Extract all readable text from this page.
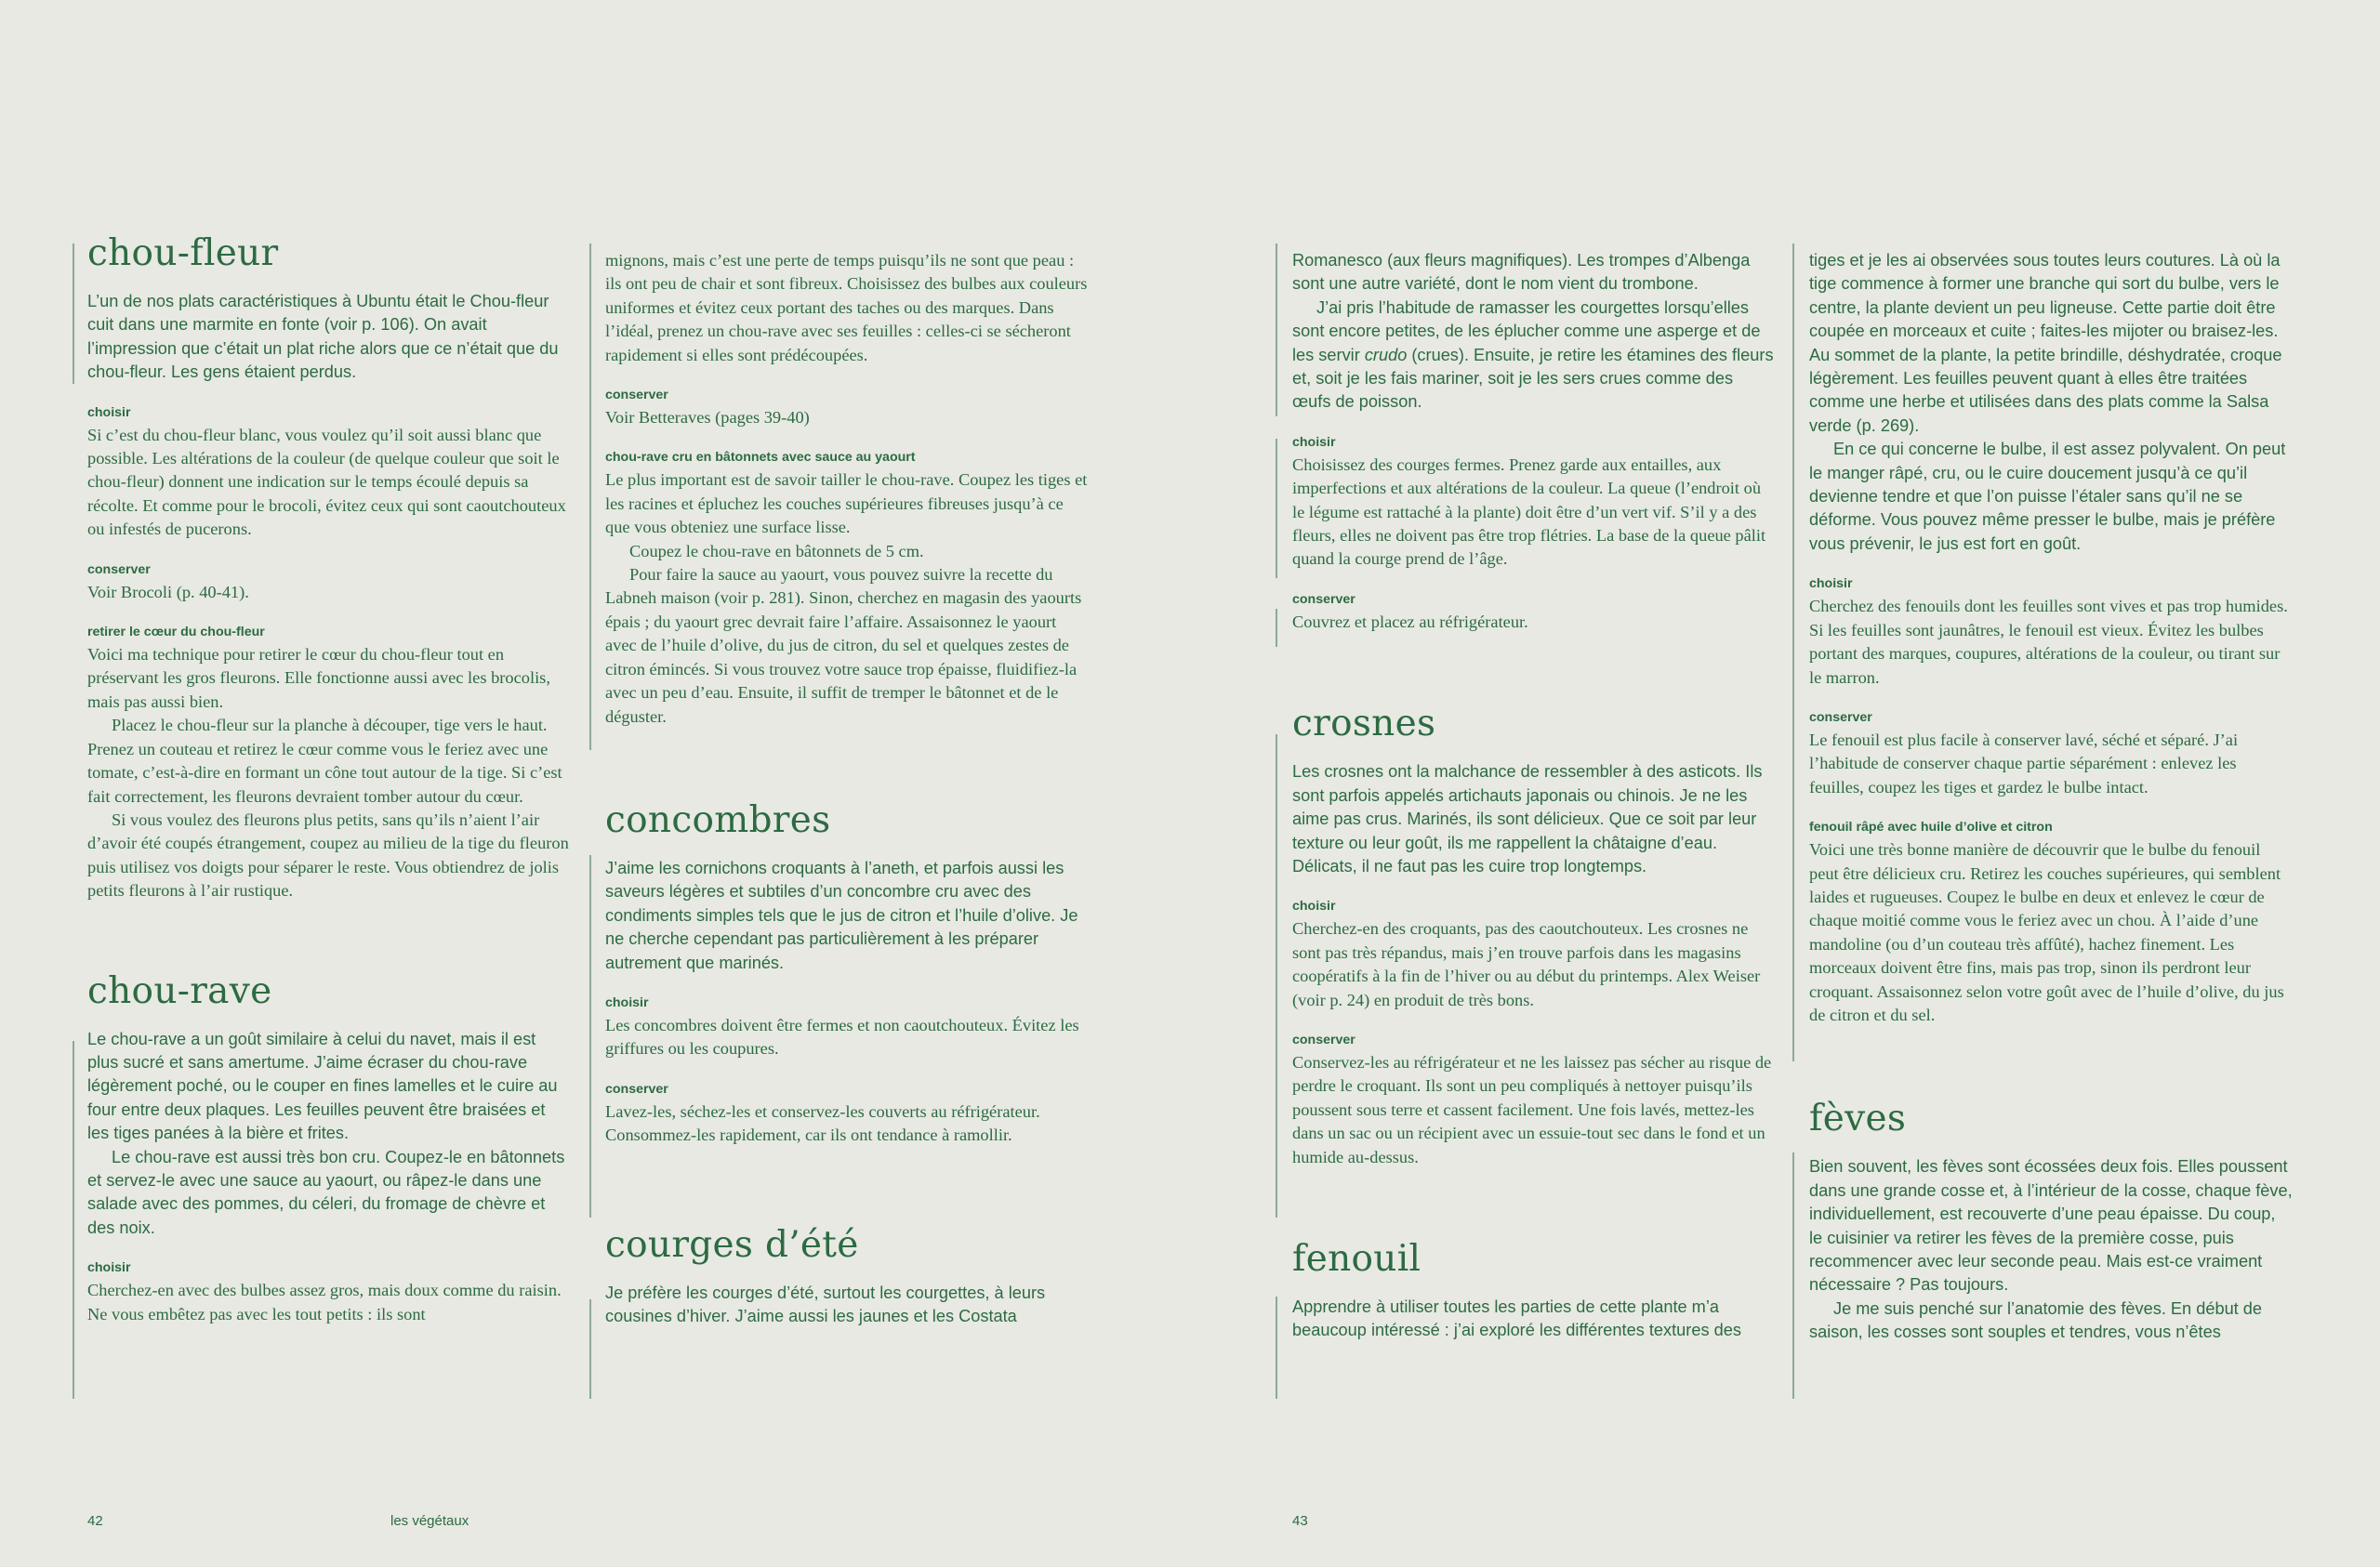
chou-fleur

L’un de nos plats caractéristiques à Ubuntu était le Chou-fleur cuit dans une marmite en fonte (voir p. 106). On avait l’impression que c’était un plat riche alors que ce n’était que du chou-fleur. Les gens étaient perdus.

choisir

Si c’est du chou-fleur blanc, vous voulez qu’il soit aussi blanc que possible. Les altérations de la couleur (de quelque couleur que soit le chou-fleur) donnent une indication sur le temps écoulé depuis sa récolte. Et comme pour le brocoli, évitez ceux qui sont caoutchouteux ou infestés de pucerons.

conserver

Voir Brocoli (p. 40-41).

retirer le cœur du chou-fleur

Voici ma technique pour retirer le cœur du chou-fleur tout en préservant les gros fleurons. Elle fonctionne aussi avec les brocolis, mais pas aussi bien.

Placez le chou-fleur sur la planche à découper, tige vers le haut. Prenez un couteau et retirez le cœur comme vous le feriez avec une tomate, c’est-à-dire en formant un cône tout autour de la tige. Si c’est fait correctement, les fleurons devraient tomber autour du cœur.

Si vous voulez des fleurons plus petits, sans qu’ils n’aient l’air d’avoir été coupés étrangement, coupez au milieu de la tige du fleuron puis utilisez vos doigts pour séparer le reste. Vous obtiendrez de jolis petits fleurons à l’air rustique.

chou-rave

Le chou-rave a un goût similaire à celui du navet, mais il est plus sucré et sans amertume. J’aime écraser du chou-rave légèrement poché, ou le couper en fines lamelles et le cuire au four entre deux plaques. Les feuilles peuvent être braisées et les tiges panées à la bière et frites.

Le chou-rave est aussi très bon cru. Coupez-le en bâtonnets et servez-le avec une sauce au yaourt, ou râpez-le dans une salade avec des pommes, du céleri, du fromage de chèvre et des noix.

choisir

Cherchez-en avec des bulbes assez gros, mais doux comme du raisin. Ne vous embêtez pas avec les tout petits : ils sont

mignons, mais c’est une perte de temps puisqu’ils ne sont que peau : ils ont peu de chair et sont fibreux. Choisissez des bulbes aux couleurs uniformes et évitez ceux portant des taches ou des marques. Dans l’idéal, prenez un chou-rave avec ses feuilles : celles-ci se sécheront rapidement si elles sont prédécoupées.

conserver

Voir Betteraves (pages 39-40)

chou-rave cru en bâtonnets avec sauce au yaourt

Le plus important est de savoir tailler le chou-rave. Coupez les tiges et les racines et épluchez les couches supérieures fibreuses jusqu’à ce que vous obteniez une surface lisse.

Coupez le chou-rave en bâtonnets de 5 cm.

Pour faire la sauce au yaourt, vous pouvez suivre la recette du Labneh maison (voir p. 281). Sinon, cherchez en magasin des yaourts épais ; du yaourt grec devrait faire l’affaire. Assaisonnez le yaourt avec de l’huile d’olive, du jus de citron, du sel et quelques zestes de citron émincés. Si vous trouvez votre sauce trop épaisse, fluidifiez-la avec un peu d’eau. Ensuite, il suffit de tremper le bâtonnet et de le déguster.

concombres

J’aime les cornichons croquants à l’aneth, et parfois aussi les saveurs légères et subtiles d’un concombre cru avec des condiments simples tels que le jus de citron et l’huile d’olive. Je ne cherche cependant pas particulièrement à les préparer autrement que marinés.

choisir

Les concombres doivent être fermes et non caoutchouteux. Évitez les griffures ou les coupures.

conserver

Lavez-les, séchez-les et conservez-les couverts au réfrigérateur. Consommez-les rapidement, car ils ont tendance à ramollir.

courges d’été

Je préfère les courges d’été, surtout les courgettes, à leurs cousines d’hiver. J’aime aussi les jaunes et les Costata

Romanesco (aux fleurs magnifiques). Les trompes d’Albenga sont une autre variété, dont le nom vient du trombone.

J’ai pris l’habitude de ramasser les courgettes lorsqu’elles sont encore petites, de les éplucher comme une asperge et de les servir crudo (crues). Ensuite, je retire les étamines des fleurs et, soit je les fais mariner, soit je les sers crues comme des œufs de poisson.

choisir

Choisissez des courges fermes. Prenez garde aux entailles, aux imperfections et aux altérations de la couleur. La queue (l’endroit où le légume est rattaché à la plante) doit être d’un vert vif. S’il y a des fleurs, elles ne doivent pas être trop flétries. La base de la queue pâlit quand la courge prend de l’âge.

conserver

Couvrez et placez au réfrigérateur.

crosnes

Les crosnes ont la malchance de ressembler à des asticots. Ils sont parfois appelés artichauts japonais ou chinois. Je ne les aime pas crus. Marinés, ils sont délicieux. Que ce soit par leur texture ou leur goût, ils me rappellent la châtaigne d’eau. Délicats, il ne faut pas les cuire trop longtemps.

choisir

Cherchez-en des croquants, pas des caoutchouteux. Les crosnes ne sont pas très répandus, mais j’en trouve parfois dans les magasins coopératifs à la fin de l’hiver ou au début du printemps. Alex Weiser (voir p. 24) en produit de très bons.

conserver

Conservez-les au réfrigérateur et ne les laissez pas sécher au risque de perdre le croquant. Ils sont un peu compliqués à nettoyer puisqu’ils poussent sous terre et cassent facilement. Une fois lavés, mettez-les dans un sac ou un récipient avec un essuie-tout sec dans le fond et un humide au-dessus.

fenouil

Apprendre à utiliser toutes les parties de cette plante m’a beaucoup intéressé : j’ai exploré les différentes textures des

tiges et je les ai observées sous toutes leurs coutures. Là où la tige commence à former une branche qui sort du bulbe, vers le centre, la plante devient un peu ligneuse. Cette partie doit être coupée en morceaux et cuite ; faites-les mijoter ou braisez-les. Au sommet de la plante, la petite brindille, déshydratée, croque légèrement. Les feuilles peuvent quant à elles être traitées comme une herbe et utilisées dans des plats comme la Salsa verde (p. 269).

En ce qui concerne le bulbe, il est assez polyvalent. On peut le manger râpé, cru, ou le cuire doucement jusqu’à ce qu’il devienne tendre et que l’on puisse l’étaler sans qu’il ne se déforme. Vous pouvez même presser le bulbe, mais je préfère vous prévenir, le jus est fort en goût.

choisir

Cherchez des fenouils dont les feuilles sont vives et pas trop humides. Si les feuilles sont jaunâtres, le fenouil est vieux. Évitez les bulbes portant des marques, coupures, altérations de la couleur, ou tirant sur le marron.

conserver

Le fenouil est plus facile à conserver lavé, séché et séparé. J’ai l’habitude de conserver chaque partie séparément : enlevez les feuilles, coupez les tiges et gardez le bulbe intact.

fenouil râpé avec huile d’olive et citron

Voici une très bonne manière de découvrir que le bulbe du fenouil peut être délicieux cru. Retirez les couches supérieures, qui semblent laides et rugueuses. Coupez le bulbe en deux et enlevez le cœur de chaque moitié comme vous le feriez avec un chou. À l’aide d’une mandoline (ou d’un couteau très affûté), hachez finement. Les morceaux doivent être fins, mais pas trop, sinon ils perdront leur croquant. Assaisonnez selon votre goût avec de l’huile d’olive, du jus de citron et du sel.

fèves

Bien souvent, les fèves sont écossées deux fois. Elles poussent dans une grande cosse et, à l’intérieur de la cosse, chaque fève, individuellement, est recouverte d’une peau épaisse. Du coup, le cuisinier va retirer les fèves de la première cosse, puis recommencer avec leur seconde peau. Mais est-ce vraiment nécessaire ? Pas toujours.

Je me suis penché sur l’anatomie des fèves. En début de saison, les cosses sont souples et tendres, vous n’êtes

42	les végétaux	43
